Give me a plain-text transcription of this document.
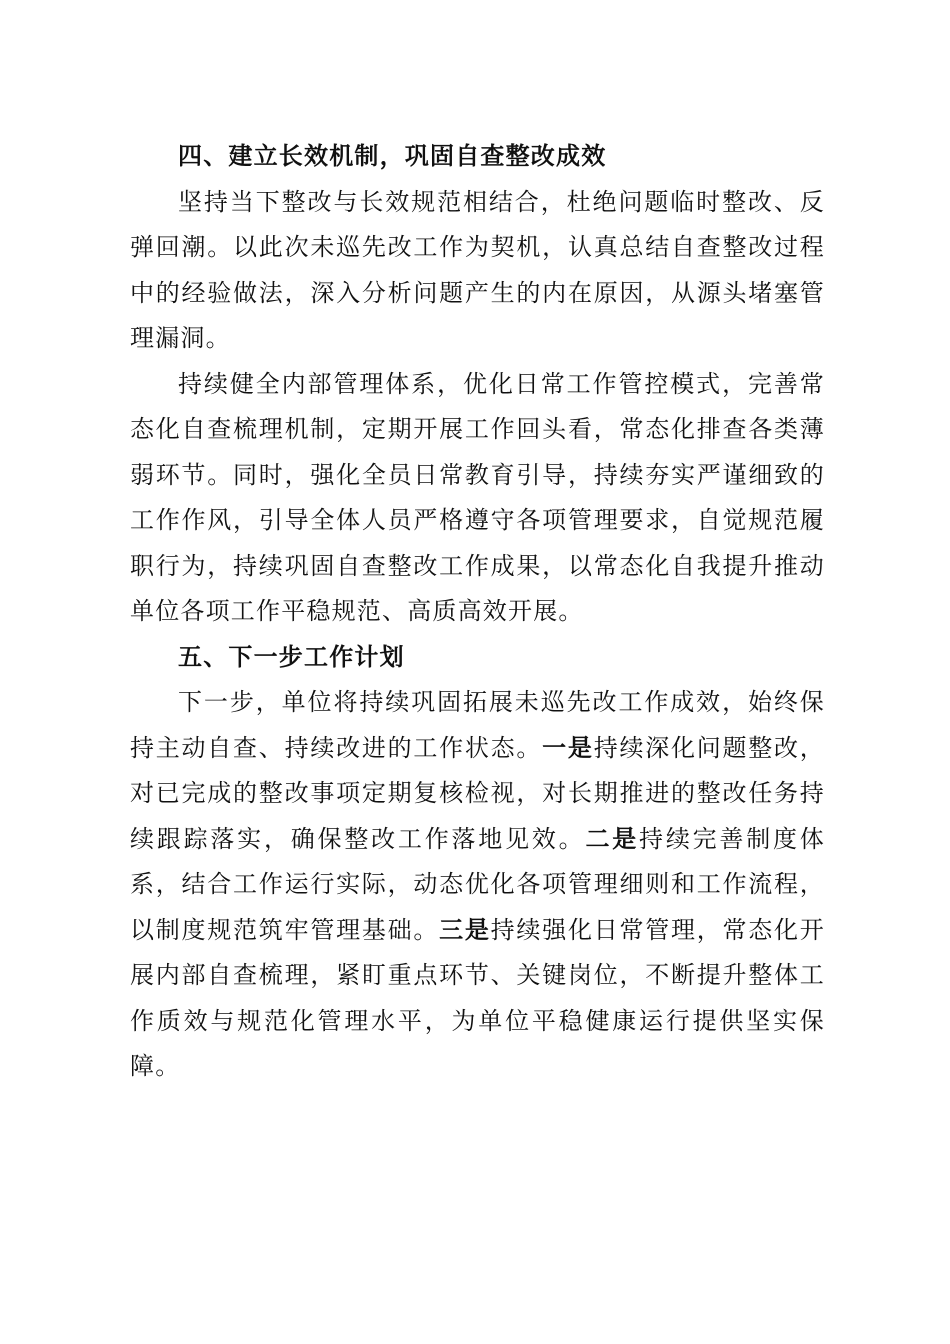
四、建立长效机制，巩固自查整改成效

坚持当下整改与长效规范相结合，杜绝问题临时整改、反弹回潮。以此次未巡先改工作为契机，认真总结自查整改过程中的经验做法，深入分析问题产生的内在原因，从源头堵塞管理漏洞。

持续健全内部管理体系，优化日常工作管控模式，完善常态化自查梳理机制，定期开展工作回头看，常态化排查各类薄弱环节。同时，强化全员日常教育引导，持续夯实严谨细致的工作作风，引导全体人员严格遵守各项管理要求，自觉规范履职行为，持续巩固自查整改工作成果，以常态化自我提升推动单位各项工作平稳规范、高质高效开展。

五、下一步工作计划

下一步，单位将持续巩固拓展未巡先改工作成效，始终保持主动自查、持续改进的工作状态。一是持续深化问题整改，对已完成的整改事项定期复核检视，对长期推进的整改任务持续跟踪落实，确保整改工作落地见效。二是持续完善制度体系，结合工作运行实际，动态优化各项管理细则和工作流程，以制度规范筑牢管理基础。三是持续强化日常管理，常态化开展内部自查梳理，紧盯重点环节、关键岗位，不断提升整体工作质效与规范化管理水平，为单位平稳健康运行提供坚实保障。
